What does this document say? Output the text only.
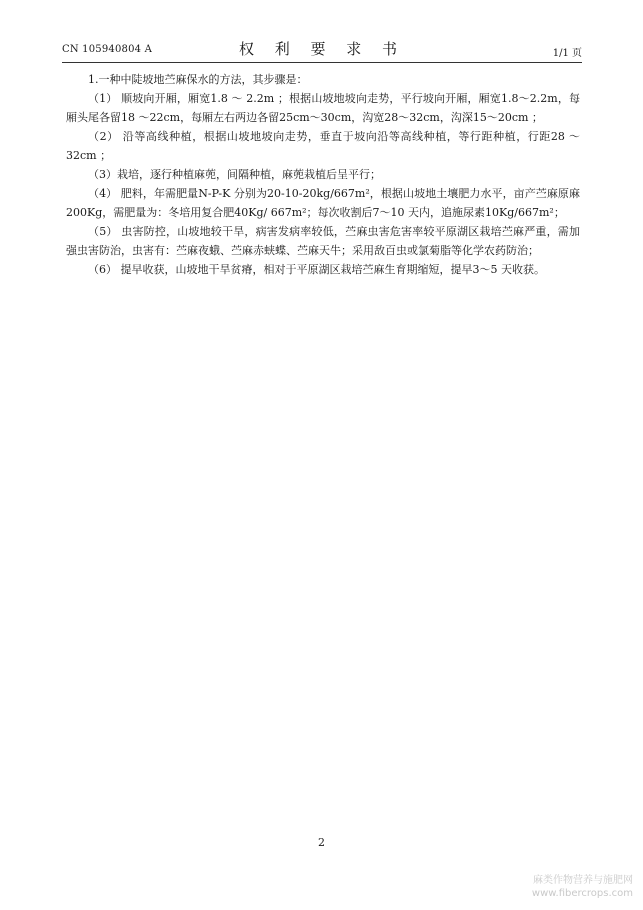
CN 105940804 A	权 利 要 求 书	1/1 页

1.一种中陡坡地苎麻保水的方法，其步骤是：

（1） 顺坡向开厢，厢宽1.8 ～ 2.2m ；根据山坡地坡向走势，平行坡向开厢，厢宽1.8～2.2m，每厢头尾各留18 ～22cm，每厢左右两边各留25cm～30cm，沟宽28～32cm，沟深15～20cm ；

（2） 沿等高线种植，根据山坡地坡向走势，垂直于坡向沿等高线种植，等行距种植，行距28 ～32cm ；

（3）栽培，逐行种植麻蔸，间隔种植，麻蔸栽植后呈平行；

（4） 肥料，年需肥量N-P-K 分别为20-10-20kg/667m²，根据山坡地土壤肥力水平，亩产苎麻原麻200Kg，需肥量为：冬培用复合肥40Kg/ 667m²；每次收割后7～10 天内，追施尿素10Kg/667m²；

（5） 虫害防控，山坡地较干旱，病害发病率较低，苎麻虫害危害率较平原湖区栽培苎麻严重，需加强虫害防治，虫害有：苎麻夜蛾、苎麻赤蛱蝶、苎麻天牛；采用敌百虫或氯菊脂等化学农药防治；

（6） 提早收获，山坡地干旱贫瘠，相对于平原湖区栽培苎麻生育期缩短，提早3～5 天收获。

2
麻类作物营养与施肥网
www.fibercrops.com
